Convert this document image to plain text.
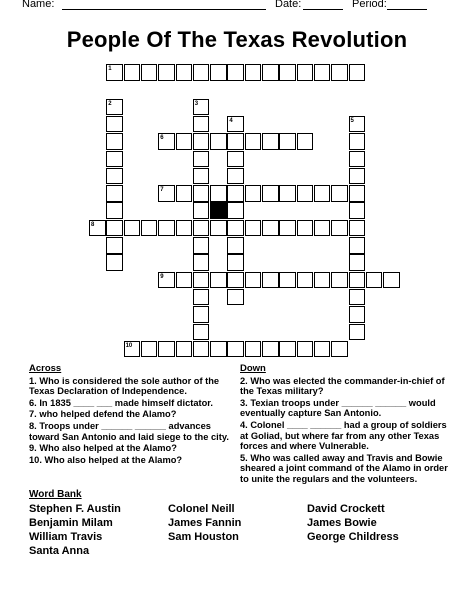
Name:	Date:	Period:
People Of The Texas Revolution
1
2	3
4	5
6
7
8
9
10
Across

1. Who is considered the sole author of the Texas Declaration of Independence.

6. In 1835 ____ ___ made himself dictator.

7. who helped defend the Alamo?

8. Troops under ______ ______ advances toward San Antonio and laid siege to the city.

9. Who also helped at the Alamo?

10. Who also helped at the Alamo?

Down

2. Who was elected the commander-in-chief of the Texas military?

3. Texian troops under ______ ______ would eventually capture San Antonio.

4. Colonel ____ ______ had a group of soldiers at Goliad, but where far from any other Texas forces and where Vulnerable.

5. Who was called away and Travis and Bowie sheared a joint command of the Alamo in order to unite the regulars and the volunteers.

Word Bank
Stephen F. Austin	Colonel Neill	David Crockett
Benjamin Milam	James Fannin	James Bowie
William Travis	Sam Houston	George Childress
Santa Anna
